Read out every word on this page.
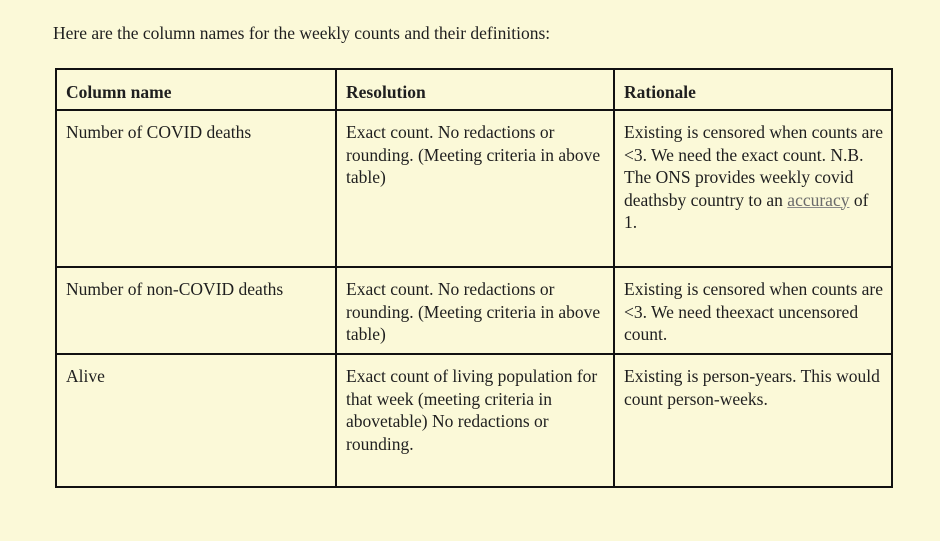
Here are the column names for the weekly counts and their definitions:
Column name	Resolution	Rationale
Number of COVID deaths	Exact count. No redactions or rounding. (Meeting criteria in above table)	Existing is censored when counts are <3. We need the exact count. N.B. The ONS provides weekly covid deathsby country to an accuracy of 1.
Number of non-COVID deaths	Exact count. No redactions or rounding. (Meeting criteria in above table)	Existing is censored when counts are <3. We need theexact uncensored count.
Alive	Exact count of living population for that week (meeting criteria in abovetable) No redactions or rounding.	Existing is person-years. This would count person-weeks.
